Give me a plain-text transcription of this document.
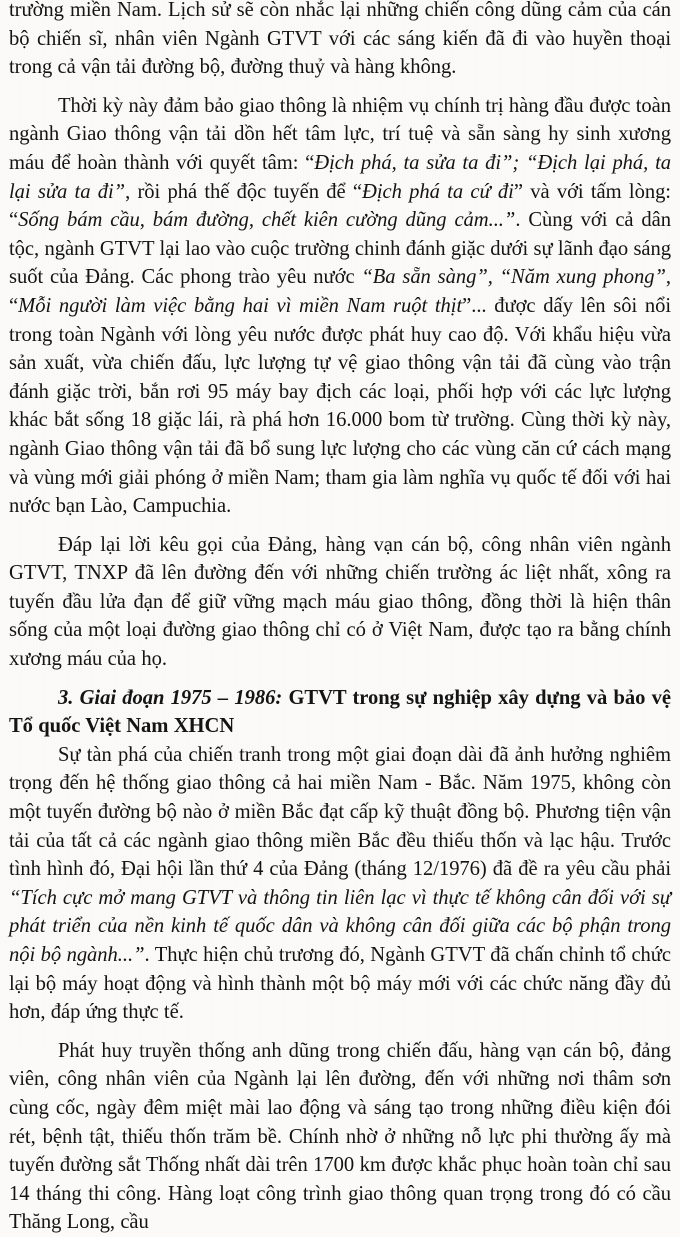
trường miền Nam. Lịch sử sẽ còn nhắc lại những chiến công dũng cảm của cán bộ chiến sĩ, nhân viên Ngành GTVT với các sáng kiến đã đi vào huyền thoại trong cả vận tải đường bộ, đường thuỷ và hàng không.

Thời kỳ này đảm bảo giao thông là nhiệm vụ chính trị hàng đầu được toàn ngành Giao thông vận tải dồn hết tâm lực, trí tuệ và sẵn sàng hy sinh xương máu để hoàn thành với quyết tâm: “Địch phá, ta sửa ta đi”; “Địch lại phá, ta lại sửa ta đi”, rồi phá thế độc tuyến để “Địch phá ta cứ đi” và với tấm lòng: “Sống bám cầu, bám đường, chết kiên cường dũng cảm...”. Cùng với cả dân tộc, ngành GTVT lại lao vào cuộc trường chinh đánh giặc dưới sự lãnh đạo sáng suốt của Đảng. Các phong trào yêu nước “Ba sẵn sàng”, “Năm xung phong”, “Mỗi người làm việc bằng hai vì miền Nam ruột thịt”... được dấy lên sôi nổi trong toàn Ngành với lòng yêu nước được phát huy cao độ. Với khẩu hiệu vừa sản xuất, vừa chiến đấu, lực lượng tự vệ giao thông vận tải đã cùng vào trận đánh giặc trời, bắn rơi 95 máy bay địch các loại, phối hợp với các lực lượng khác bắt sống 18 giặc lái, rà phá hơn 16.000 bom từ trường. Cùng thời kỳ này, ngành Giao thông vận tải đã bổ sung lực lượng cho các vùng căn cứ cách mạng và vùng mới giải phóng ở miền Nam; tham gia làm nghĩa vụ quốc tế đối với hai nước bạn Lào, Campuchia.

Đáp lại lời kêu gọi của Đảng, hàng vạn cán bộ, công nhân viên ngành GTVT, TNXP đã lên đường đến với những chiến trường ác liệt nhất, xông ra tuyến đầu lửa đạn để giữ vững mạch máu giao thông, đồng thời là hiện thân sống của một loại đường giao thông chỉ có ở Việt Nam, được tạo ra bằng chính xương máu của họ.

3. Giai đoạn 1975 – 1986: GTVT trong sự nghiệp xây dựng và bảo vệ Tổ quốc Việt Nam XHCN

Sự tàn phá của chiến tranh trong một giai đoạn dài đã ảnh hưởng nghiêm trọng đến hệ thống giao thông cả hai miền Nam - Bắc. Năm 1975, không còn một tuyến đường bộ nào ở miền Bắc đạt cấp kỹ thuật đồng bộ. Phương tiện vận tải của tất cả các ngành giao thông miền Bắc đều thiếu thốn và lạc hậu. Trước tình hình đó, Đại hội lần thứ 4 của Đảng (tháng 12/1976) đã đề ra yêu cầu phải “Tích cực mở mang GTVT và thông tin liên lạc vì thực tế không cân đối với sự phát triển của nền kinh tế quốc dân và không cân đối giữa các bộ phận trong nội bộ ngành...”. Thực hiện chủ trương đó, Ngành GTVT đã chấn chỉnh tổ chức lại bộ máy hoạt động và hình thành một bộ máy mới với các chức năng đầy đủ hơn, đáp ứng thực tế.

Phát huy truyền thống anh dũng trong chiến đấu, hàng vạn cán bộ, đảng viên, công nhân viên của Ngành lại lên đường, đến với những nơi thâm sơn cùng cốc, ngày đêm miệt mài lao động và sáng tạo trong những điều kiện đói rét, bệnh tật, thiếu thốn trăm bề. Chính nhờ ở những nỗ lực phi thường ấy mà tuyến đường sắt Thống nhất dài trên 1700 km được khắc phục hoàn toàn chỉ sau 14 tháng thi công. Hàng loạt công trình giao thông quan trọng trong đó có cầu Thăng Long, cầu
